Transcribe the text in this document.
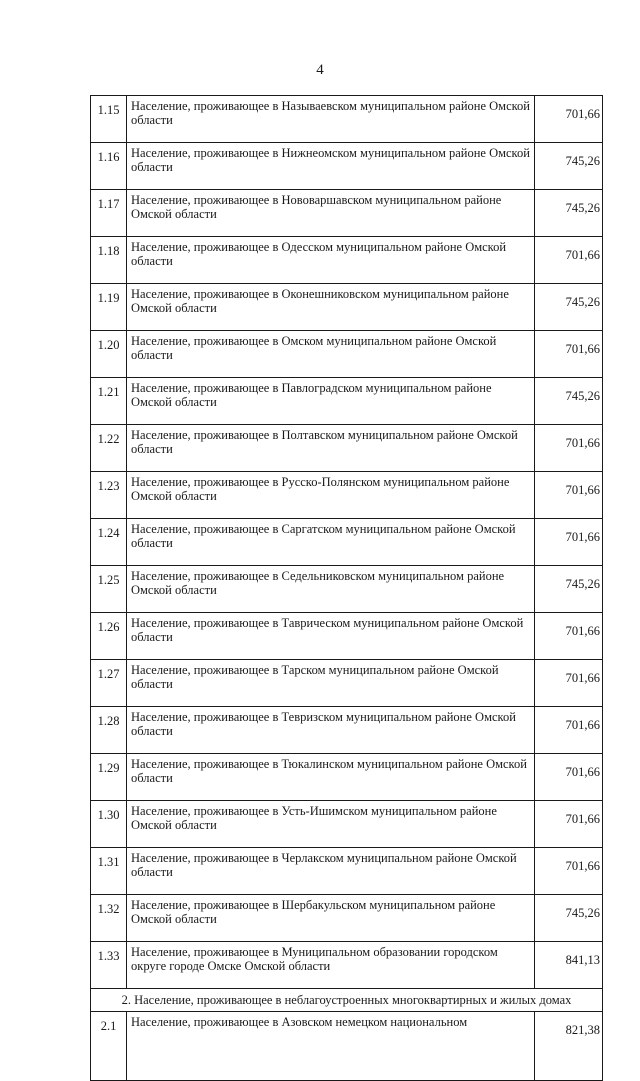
4
1.15	Население, проживающее в Называевском муниципальном районе Омской области	701,66
1.16	Население, проживающее в Нижнеомском муниципальном районе Омской области	745,26
1.17	Население, проживающее в Нововаршавском муниципальном районе Омской области	745,26
1.18	Население, проживающее в Одесском муниципальном районе Омской области	701,66
1.19	Население, проживающее в Оконешниковском муниципальном районе Омской области	745,26
1.20	Население, проживающее в Омском муниципальном районе Омской области	701,66
1.21	Население, проживающее в Павлоградском муниципальном районе Омской области	745,26
1.22	Население, проживающее в Полтавском муниципальном районе Омской области	701,66
1.23	Население, проживающее в Русско-Полянском муниципальном районе Омской области	701,66
1.24	Население, проживающее в Саргатском муниципальном районе Омской области	701,66
1.25	Население, проживающее в Седельниковском муниципальном районе Омской области	745,26
1.26	Население, проживающее в Таврическом муниципальном районе Омской области	701,66
1.27	Население, проживающее в Тарском муниципальном районе Омской области	701,66
1.28	Население, проживающее в Тевризском муниципальном районе Омской области	701,66
1.29	Население, проживающее в Тюкалинском муниципальном районе Омской области	701,66
1.30	Население, проживающее в Усть-Ишимском муниципальном районе Омской области	701,66
1.31	Население, проживающее в Черлакском муниципальном районе Омской области	701,66
1.32	Население, проживающее в Шербакульском муниципальном районе Омской области	745,26
1.33	Население, проживающее в Муниципальном образовании городском округе городе Омске Омской области	841,13
2. Население, проживающее в неблагоустроенных многоквартирных и жилых домах		
2.1	Население, проживающее в Азовском немецком национальном	821,38
